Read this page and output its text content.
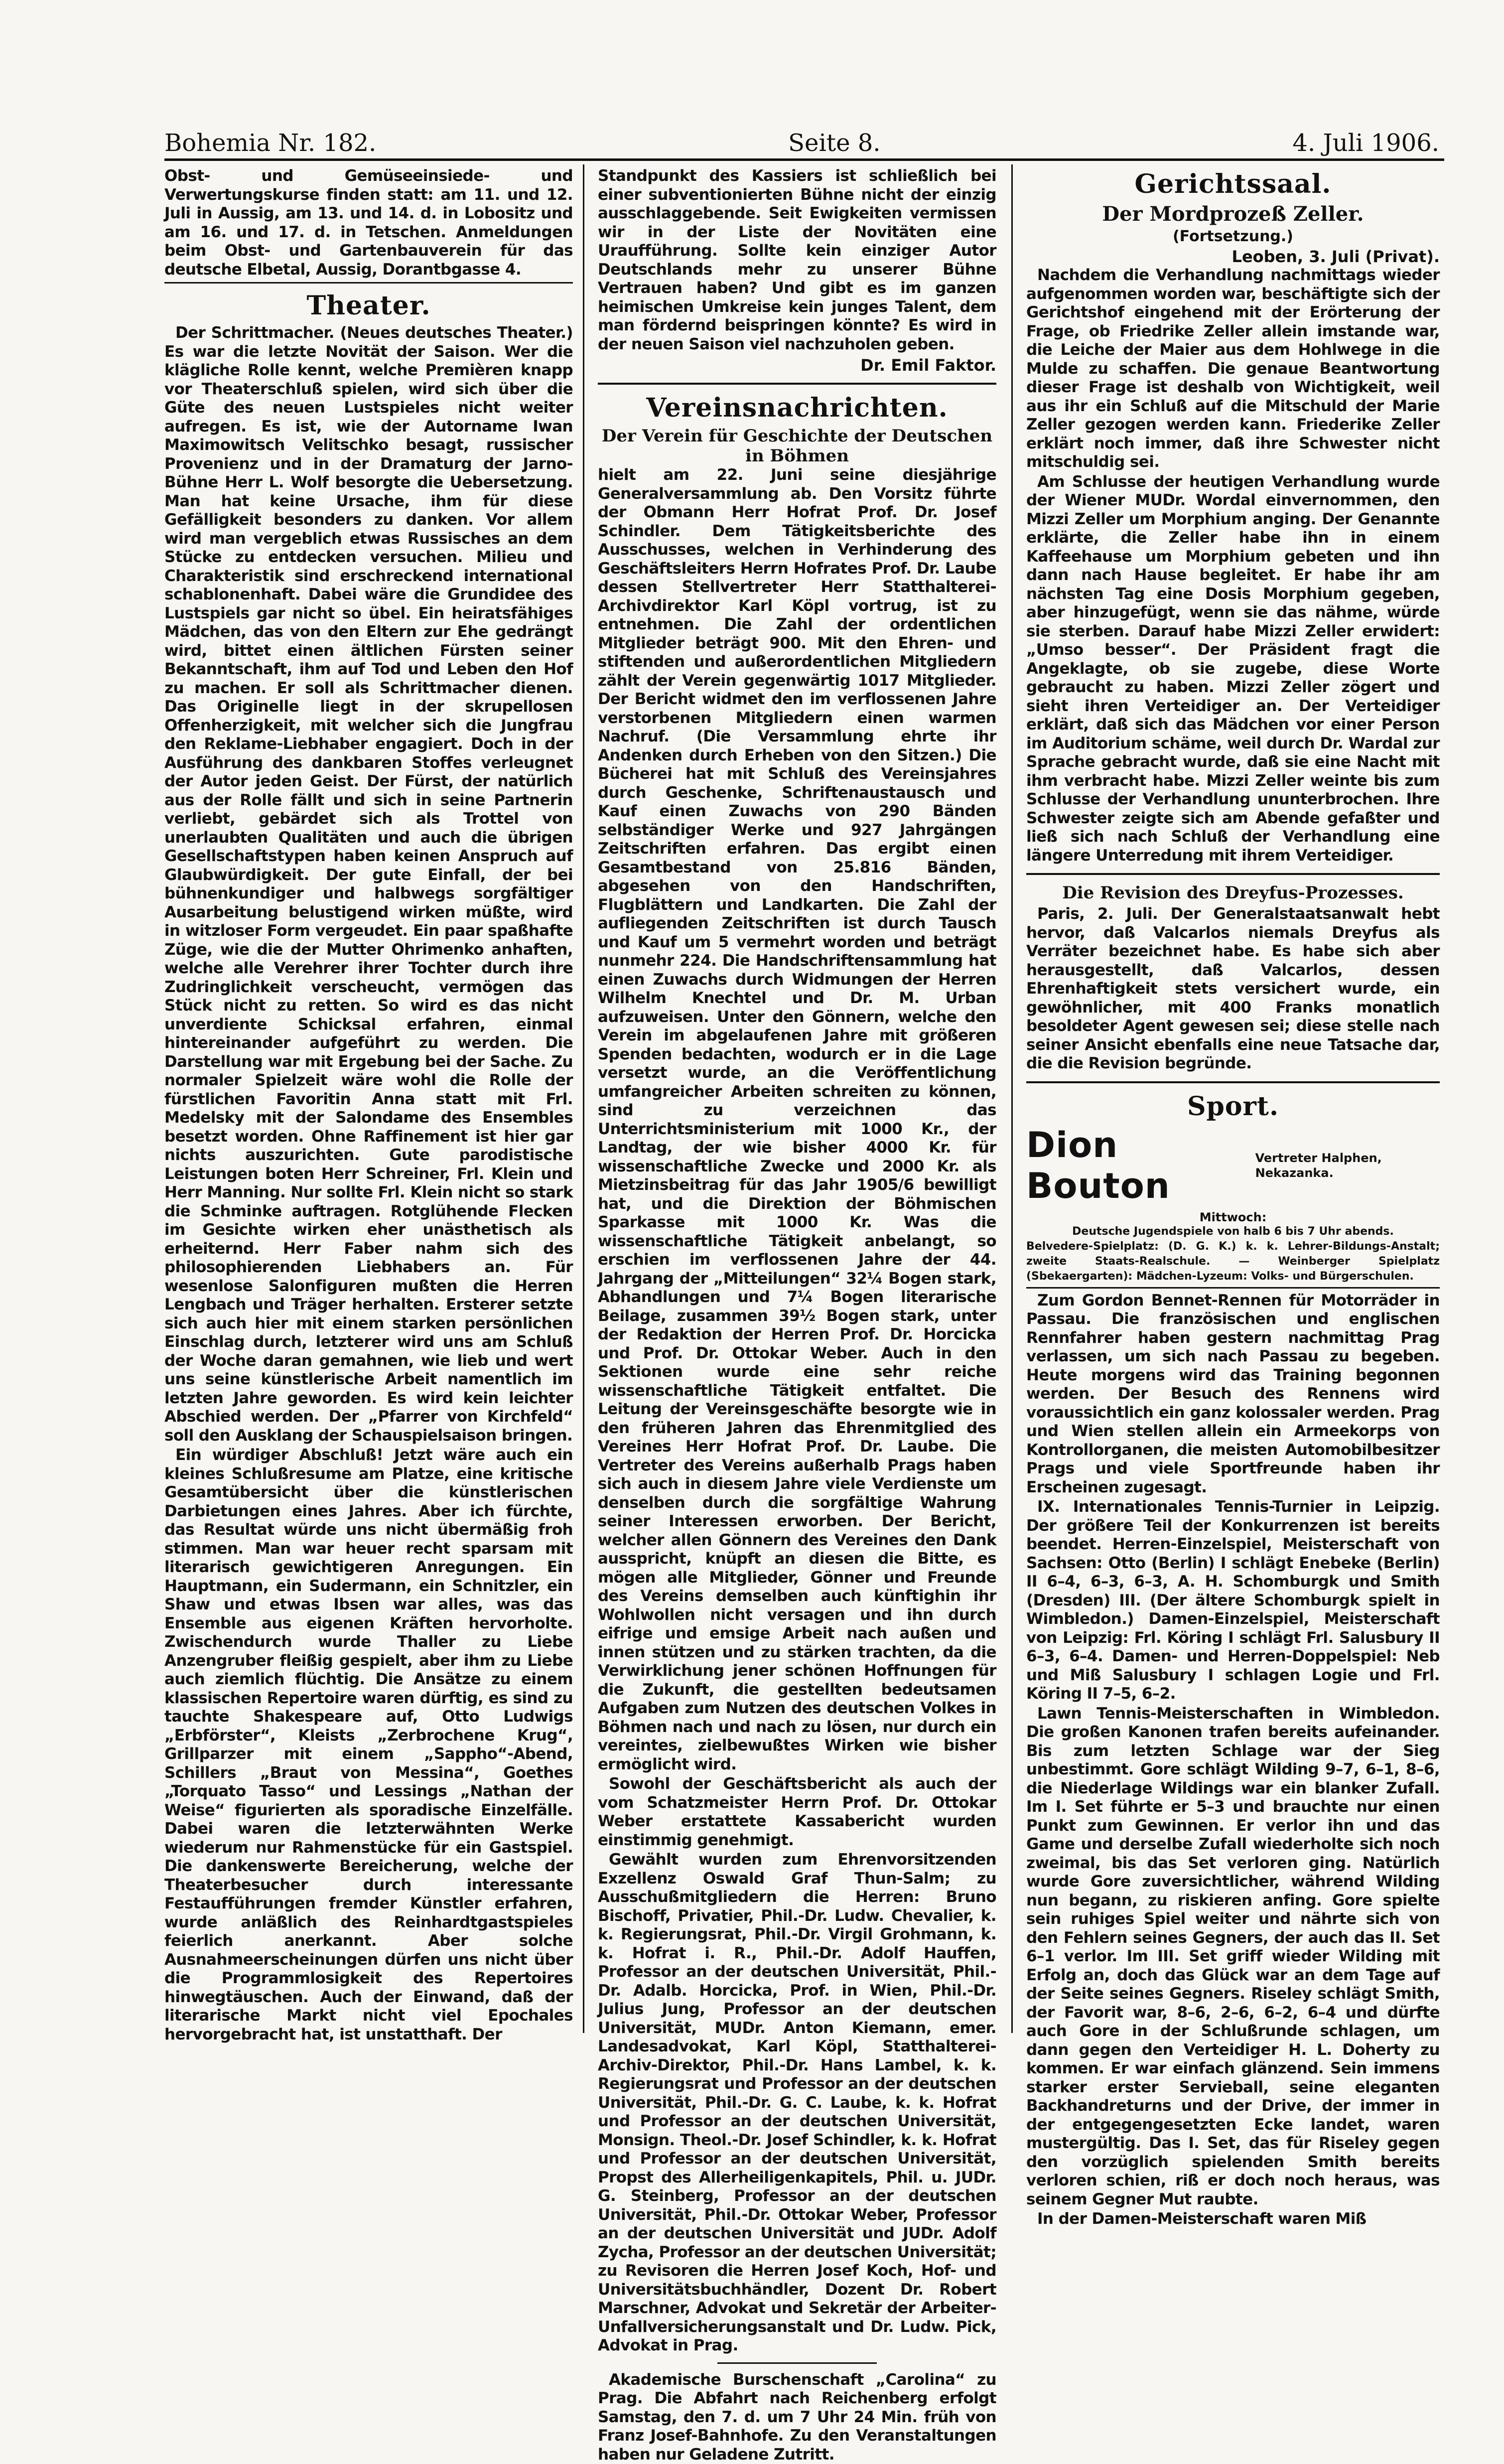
Bohemia Nr. 182.	Seite 8.	4. Juli 1906.

Obst- und Gemüseeinsiede- und Verwertungskurse finden statt: am 11. und 12. Juli in Aussig, am 13. und 14. d. in Lobositz und am 16. und 17. d. in Tetschen. Anmeldungen beim Obst- und Gartenbauverein für das deutsche Elbetal, Aussig, Dorantbgasse 4.

Theater.

Der Schrittmacher. (Neues deutsches Theater.) Es war die letzte Novität der Saison. Wer die klägliche Rolle kennt, welche Premièren knapp vor Theaterschluß spielen, wird sich über die Güte des neuen Lustspieles nicht weiter aufregen. Es ist, wie der Autorname Iwan Maximowitsch Velitschko besagt, russischer Provenienz und in der Dramaturg der Jarno-Bühne Herr L. Wolf besorgte die Uebersetzung. Man hat keine Ursache, ihm für diese Gefälligkeit besonders zu danken. Vor allem wird man vergeblich etwas Russisches an dem Stücke zu entdecken versuchen. Milieu und Charakteristik sind erschreckend international schablonenhaft. Dabei wäre die Grundidee des Lustspiels gar nicht so übel. Ein heiratsfähiges Mädchen, das von den Eltern zur Ehe gedrängt wird, bittet einen ältlichen Fürsten seiner Bekanntschaft, ihm auf Tod und Leben den Hof zu machen. Er soll als Schrittmacher dienen. Das Originelle liegt in der skrupellosen Offenherzigkeit, mit welcher sich die Jungfrau den Reklame-Liebhaber engagiert. Doch in der Ausführung des dankbaren Stoffes verleugnet der Autor jeden Geist. Der Fürst, der natürlich aus der Rolle fällt und sich in seine Partnerin verliebt, gebärdet sich als Trottel von unerlaubten Qualitäten und auch die übrigen Gesellschaftstypen haben keinen Anspruch auf Glaubwürdigkeit. Der gute Einfall, der bei bühnenkundiger und halbwegs sorgfältiger Ausarbeitung belustigend wirken müßte, wird in witzloser Form vergeudet. Ein paar spaßhafte Züge, wie die der Mutter Ohrimenko anhaften, welche alle Verehrer ihrer Tochter durch ihre Zudringlichkeit verscheucht, vermögen das Stück nicht zu retten. So wird es das nicht unverdiente Schicksal erfahren, einmal hintereinander aufgeführt zu werden. Die Darstellung war mit Ergebung bei der Sache. Zu normaler Spielzeit wäre wohl die Rolle der fürstlichen Favoritin Anna statt mit Frl. Medelsky mit der Salondame des Ensembles besetzt worden. Ohne Raffinement ist hier gar nichts auszurichten. Gute parodistische Leistungen boten Herr Schreiner, Frl. Klein und Herr Manning. Nur sollte Frl. Klein nicht so stark die Schminke auftragen. Rotglühende Flecken im Gesichte wirken eher unästhetisch als erheiternd. Herr Faber nahm sich des philosophierenden Liebhabers an. Für wesenlose Salonfiguren mußten die Herren Lengbach und Träger herhalten. Ersterer setzte sich auch hier mit einem starken persönlichen Einschlag durch, letzterer wird uns am Schluß der Woche daran gemahnen, wie lieb und wert uns seine künstlerische Arbeit namentlich im letzten Jahre geworden. Es wird kein leichter Abschied werden. Der „Pfarrer von Kirchfeld“ soll den Ausklang der Schauspielsaison bringen.

Ein würdiger Abschluß! Jetzt wäre auch ein kleines Schlußresume am Platze, eine kritische Gesamtübersicht über die künstlerischen Darbietungen eines Jahres. Aber ich fürchte, das Resultat würde uns nicht übermäßig froh stimmen. Man war heuer recht sparsam mit literarisch gewichtigeren Anregungen. Ein Hauptmann, ein Sudermann, ein Schnitzler, ein Shaw und etwas Ibsen war alles, was das Ensemble aus eigenen Kräften hervorholte. Zwischendurch wurde Thaller zu Liebe Anzengruber fleißig gespielt, aber ihm zu Liebe auch ziemlich flüchtig. Die Ansätze zu einem klassischen Repertoire waren dürftig, es sind zu tauchte Shakespeare auf, Otto Ludwigs „Erbförster“, Kleists „Zerbrochene Krug“, Grillparzer mit einem „Sappho“-Abend, Schillers „Braut von Messina“, Goethes „Torquato Tasso“ und Lessings „Nathan der Weise“ figurierten als sporadische Einzelfälle. Dabei waren die letzterwähnten Werke wiederum nur Rahmenstücke für ein Gastspiel. Die dankenswerte Bereicherung, welche der Theaterbesucher durch interessante Festaufführungen fremder Künstler erfahren, wurde anläßlich des Reinhardtgastspieles feierlich anerkannt. Aber solche Ausnahmeerscheinungen dürfen uns nicht über die Programmlosigkeit des Repertoires hinwegtäuschen. Auch der Einwand, daß der literarische Markt nicht viel Epochales hervorgebracht hat, ist unstatthaft. Der

Standpunkt des Kassiers ist schließlich bei einer subventionierten Bühne nicht der einzig ausschlaggebende. Seit Ewigkeiten vermissen wir in der Liste der Novitäten eine Uraufführung. Sollte kein einziger Autor Deutschlands mehr zu unserer Bühne Vertrauen haben? Und gibt es im ganzen heimischen Umkreise kein junges Talent, dem man fördernd beispringen könnte? Es wird in der neuen Saison viel nachzuholen geben.

Dr. Emil Faktor.
Vereinsnachrichten.
Der Verein für Geschichte der Deutschen in Böhmen

hielt am 22. Juni seine diesjährige Generalversammlung ab. Den Vorsitz führte der Obmann Herr Hofrat Prof. Dr. Josef Schindler. Dem Tätigkeitsberichte des Ausschusses, welchen in Verhinderung des Geschäftsleiters Herrn Hofrates Prof. Dr. Laube dessen Stellvertreter Herr Statthalterei-Archivdirektor Karl Köpl vortrug, ist zu entnehmen. Die Zahl der ordentlichen Mitglieder beträgt 900. Mit den Ehren- und stiftenden und außerordentlichen Mitgliedern zählt der Verein gegenwärtig 1017 Mitglieder. Der Bericht widmet den im verflossenen Jahre verstorbenen Mitgliedern einen warmen Nachruf. (Die Versammlung ehrte ihr Andenken durch Erheben von den Sitzen.) Die Bücherei hat mit Schluß des Vereinsjahres durch Geschenke, Schriftenaustausch und Kauf einen Zuwachs von 290 Bänden selbständiger Werke und 927 Jahrgängen Zeitschriften erfahren. Das ergibt einen Gesamtbestand von 25.816 Bänden, abgesehen von den Handschriften, Flugblättern und Landkarten. Die Zahl der aufliegenden Zeitschriften ist durch Tausch und Kauf um 5 vermehrt worden und beträgt nunmehr 224. Die Handschriftensammlung hat einen Zuwachs durch Widmungen der Herren Wilhelm Knechtel und Dr. M. Urban aufzuweisen. Unter den Gönnern, welche den Verein im abgelaufenen Jahre mit größeren Spenden bedachten, wodurch er in die Lage versetzt wurde, an die Veröffentlichung umfangreicher Arbeiten schreiten zu können, sind zu verzeichnen das Unterrichtsministerium mit 1000 Kr., der Landtag, der wie bisher 4000 Kr. für wissenschaftliche Zwecke und 2000 Kr. als Mietzinsbeitrag für das Jahr 1905/6 bewilligt hat, und die Direktion der Böhmischen Sparkasse mit 1000 Kr. Was die wissenschaftliche Tätigkeit anbelangt, so erschien im verflossenen Jahre der 44. Jahrgang der „Mitteilungen“ 32¼ Bogen stark, Abhandlungen und 7¼ Bogen literarische Beilage, zusammen 39½ Bogen stark, unter der Redaktion der Herren Prof. Dr. Horcicka und Prof. Dr. Ottokar Weber. Auch in den Sektionen wurde eine sehr reiche wissenschaftliche Tätigkeit entfaltet. Die Leitung der Vereinsgeschäfte besorgte wie in den früheren Jahren das Ehrenmitglied des Vereines Herr Hofrat Prof. Dr. Laube. Die Vertreter des Vereins außerhalb Prags haben sich auch in diesem Jahre viele Verdienste um denselben durch die sorgfältige Wahrung seiner Interessen erworben. Der Bericht, welcher allen Gönnern des Vereines den Dank ausspricht, knüpft an diesen die Bitte, es mögen alle Mitglieder, Gönner und Freunde des Vereins demselben auch künftighin ihr Wohlwollen nicht versagen und ihn durch eifrige und emsige Arbeit nach außen und innen stützen und zu stärken trachten, da die Verwirklichung jener schönen Hoffnungen für die Zukunft, die gestellten bedeutsamen Aufgaben zum Nutzen des deutschen Volkes in Böhmen nach und nach zu lösen, nur durch ein vereintes, zielbewußtes Wirken wie bisher ermöglicht wird.

Sowohl der Geschäftsbericht als auch der vom Schatzmeister Herrn Prof. Dr. Ottokar Weber erstattete Kassabericht wurden einstimmig genehmigt.

Gewählt wurden zum Ehrenvorsitzenden Exzellenz Oswald Graf Thun-Salm; zu Ausschußmitgliedern die Herren: Bruno Bischoff, Privatier, Phil.-Dr. Ludw. Chevalier, k. k. Regierungsrat, Phil.-Dr. Virgil Grohmann, k. k. Hofrat i. R., Phil.-Dr. Adolf Hauffen, Professor an der deutschen Universität, Phil.-Dr. Adalb. Horcicka, Prof. in Wien, Phil.-Dr. Julius Jung, Professor an der deutschen Universität, MUDr. Anton Kiemann, emer. Landesadvokat, Karl Köpl, Statthalterei-Archiv-Direktor, Phil.-Dr. Hans Lambel, k. k. Regierungsrat und Professor an der deutschen Universität, Phil.-Dr. G. C. Laube, k. k. Hofrat und Professor an der deutschen Universität, Monsign. Theol.-Dr. Josef Schindler, k. k. Hofrat und Professor an der deutschen Universität, Propst des Allerheiligenkapitels, Phil. u. JUDr. G. Steinberg, Professor an der deutschen Universität, Phil.-Dr. Ottokar Weber, Professor an der deutschen Universität und JUDr. Adolf Zycha, Professor an der deutschen Universität; zu Revisoren die Herren Josef Koch, Hof- und Universitätsbuchhändler, Dozent Dr. Robert Marschner, Advokat und Sekretär der Arbeiter-Unfallversicherungsanstalt und Dr. Ludw. Pick, Advokat in Prag.

Akademische Burschenschaft „Carolina“ zu Prag. Die Abfahrt nach Reichenberg erfolgt Samstag, den 7. d. um 7 Uhr 24 Min. früh von Franz Josef-Bahnhofe. Zu den Veranstaltungen haben nur Geladene Zutritt.

Gerichtssaal.
Der Mordprozeß Zeller.
(Fortsetzung.)
Leoben, 3. Juli (Privat).

Nachdem die Verhandlung nachmittags wieder aufgenommen worden war, beschäftigte sich der Gerichtshof eingehend mit der Erörterung der Frage, ob Friedrike Zeller allein imstande war, die Leiche der Maier aus dem Hohlwege in die Mulde zu schaffen. Die genaue Beantwortung dieser Frage ist deshalb von Wichtigkeit, weil aus ihr ein Schluß auf die Mitschuld der Marie Zeller gezogen werden kann. Friederike Zeller erklärt noch immer, daß ihre Schwester nicht mitschuldig sei.

Am Schlusse der heutigen Verhandlung wurde der Wiener MUDr. Wordal einvernommen, den Mizzi Zeller um Morphium anging. Der Genannte erklärte, die Zeller habe ihn in einem Kaffeehause um Morphium gebeten und ihn dann nach Hause begleitet. Er habe ihr am nächsten Tag eine Dosis Morphium gegeben, aber hinzugefügt, wenn sie das nähme, würde sie sterben. Darauf habe Mizzi Zeller erwidert: „Umso besser“. Der Präsident fragt die Angeklagte, ob sie zugebe, diese Worte gebraucht zu haben. Mizzi Zeller zögert und sieht ihren Verteidiger an. Der Verteidiger erklärt, daß sich das Mädchen vor einer Person im Auditorium schäme, weil durch Dr. Wardal zur Sprache gebracht wurde, daß sie eine Nacht mit ihm verbracht habe. Mizzi Zeller weinte bis zum Schlusse der Verhandlung ununterbrochen. Ihre Schwester zeigte sich am Abende gefaßter und ließ sich nach Schluß der Verhandlung eine längere Unterredung mit ihrem Verteidiger.

Die Revision des Dreyfus-Prozesses.

Paris, 2. Juli. Der Generalstaatsanwalt hebt hervor, daß Valcarlos niemals Dreyfus als Verräter bezeichnet habe. Es habe sich aber herausgestellt, daß Valcarlos, dessen Ehrenhaftigkeit stets versichert wurde, ein gewöhnlicher, mit 400 Franks monatlich besoldeter Agent gewesen sei; diese stelle nach seiner Ansicht ebenfalls eine neue Tatsache dar, die die Revision begründe.

Sport.
Dion Bouton
Vertreter Halphen, Nekazanka.
Mittwoch:
Deutsche Jugendspiele von halb 6 bis 7 Uhr abends.
Belvedere-Spielplatz: (D. G. K.) k. k. Lehrer-Bildungs-Anstalt; zweite Staats-Realschule. — Weinberger Spielplatz (Sbekaergarten): Mädchen-Lyzeum: Volks- und Bürgerschulen.

Zum Gordon Bennet-Rennen für Motorräder in Passau. Die französischen und englischen Rennfahrer haben gestern nachmittag Prag verlassen, um sich nach Passau zu begeben. Heute morgens wird das Training begonnen werden. Der Besuch des Rennens wird voraussichtlich ein ganz kolossaler werden. Prag und Wien stellen allein ein Armeekorps von Kontrollorganen, die meisten Automobilbesitzer Prags und viele Sportfreunde haben ihr Erscheinen zugesagt.

IX. Internationales Tennis-Turnier in Leipzig. Der größere Teil der Konkurrenzen ist bereits beendet. Herren-Einzelspiel, Meisterschaft von Sachsen: Otto (Berlin) I schlägt Enebeke (Berlin) II 6–4, 6–3, 6–3, A. H. Schomburgk und Smith (Dresden) III. (Der ältere Schomburgk spielt in Wimbledon.) Damen-Einzelspiel, Meisterschaft von Leipzig: Frl. Köring I schlägt Frl. Salusbury II 6–3, 6–4. Damen- und Herren-Doppelspiel: Neb und Miß Salusbury I schlagen Logie und Frl. Köring II 7–5, 6–2.

Lawn Tennis-Meisterschaften in Wimbledon. Die großen Kanonen trafen bereits aufeinander. Bis zum letzten Schlage war der Sieg unbestimmt. Gore schlägt Wilding 9–7, 6–1, 8–6, die Niederlage Wildings war ein blanker Zufall. Im I. Set führte er 5–3 und brauchte nur einen Punkt zum Gewinnen. Er verlor ihn und das Game und derselbe Zufall wiederholte sich noch zweimal, bis das Set verloren ging. Natürlich wurde Gore zuversichtlicher, während Wilding nun begann, zu riskieren anfing. Gore spielte sein ruhiges Spiel weiter und nährte sich von den Fehlern seines Gegners, der auch das II. Set 6–1 verlor. Im III. Set griff wieder Wilding mit Erfolg an, doch das Glück war an dem Tage auf der Seite seines Gegners. Riseley schlägt Smith, der Favorit war, 8–6, 2–6, 6–2, 6–4 und dürfte auch Gore in der Schlußrunde schlagen, um dann gegen den Verteidiger H. L. Doherty zu kommen. Er war einfach glänzend. Sein immens starker erster Servieball, seine eleganten Backhandreturns und der Drive, der immer in der entgegengesetzten Ecke landet, waren mustergültig. Das I. Set, das für Riseley gegen den vorzüglich spielenden Smith bereits verloren schien, riß er doch noch heraus, was seinem Gegner Mut raubte.

In der Damen-Meisterschaft waren Miß
